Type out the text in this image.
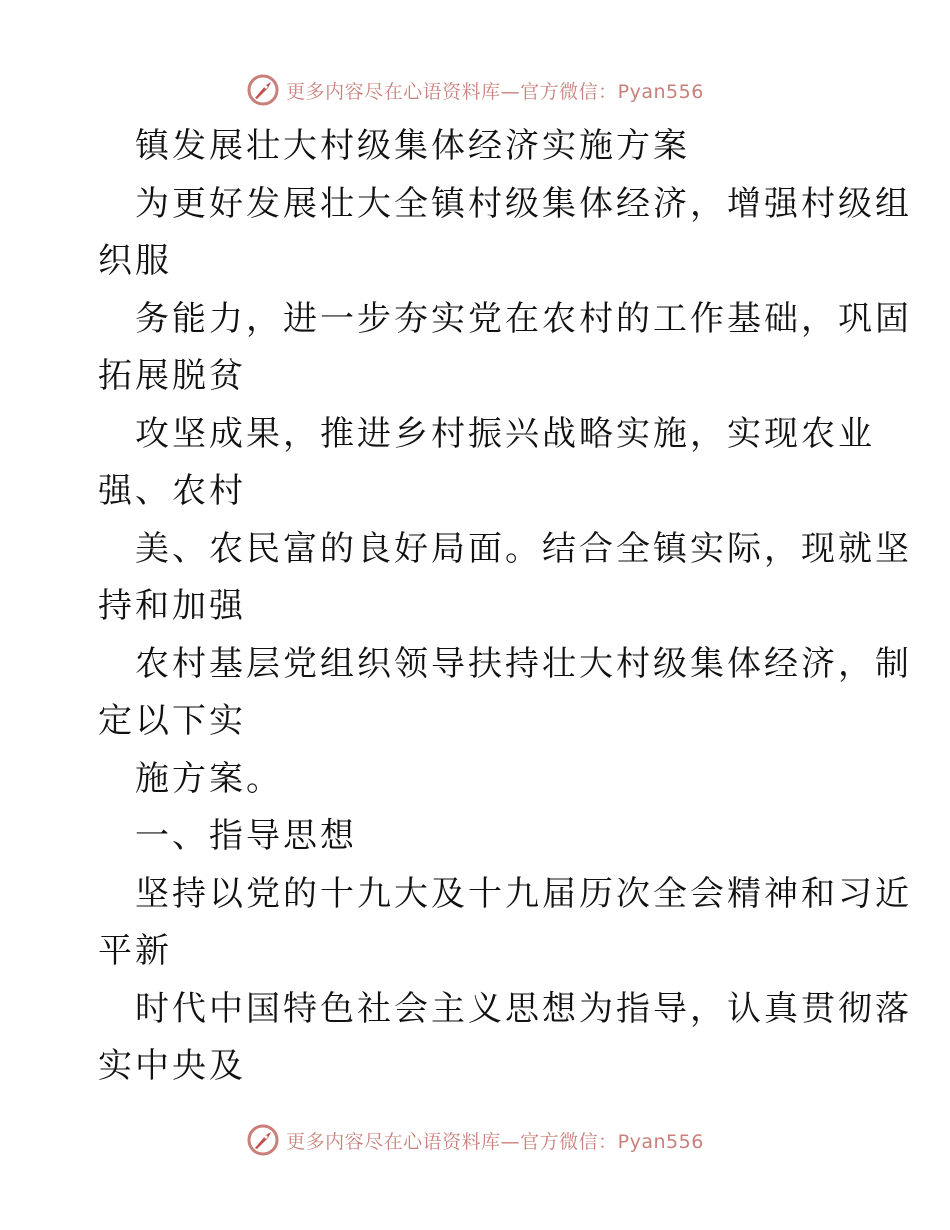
更多内容尽在心语资料库—官方微信：Pyan556

镇发展壮大村级集体经济实施方案

为更好发展壮大全镇村级集体经济，增强村级组

织服

务能力，进一步夯实党在农村的工作基础，巩固

拓展脱贫

攻坚成果，推进乡村振兴战略实施，实现农业

强、农村

美、农民富的良好局面。结合全镇实际，现就坚

持和加强

农村基层党组织领导扶持壮大村级集体经济，制

定以下实

施方案。

一、指导思想

坚持以党的十九大及十九届历次全会精神和习近

平新

时代中国特色社会主义思想为指导，认真贯彻落

实中央及

更多内容尽在心语资料库—官方微信：Pyan556
